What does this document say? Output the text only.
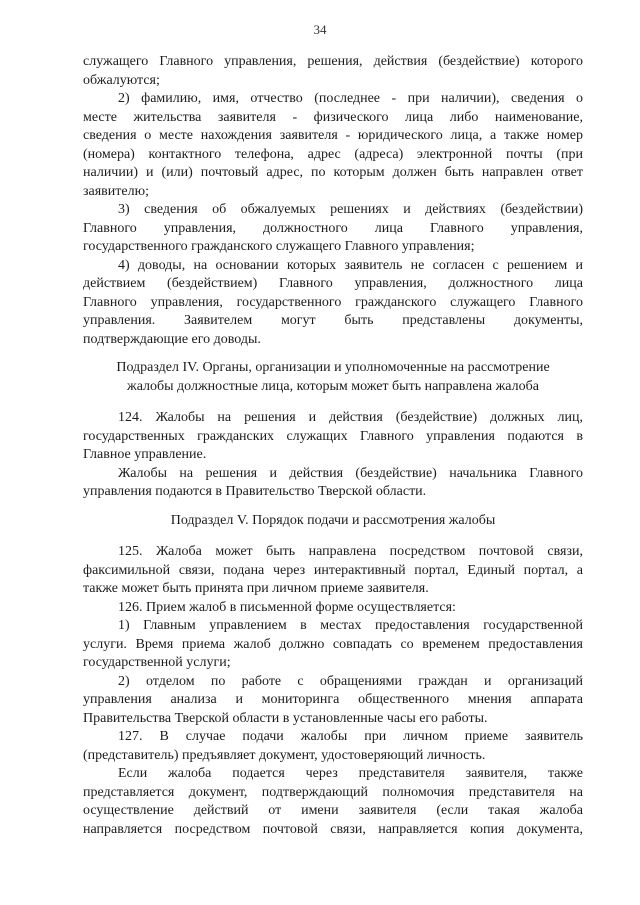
34
служащего Главного управления, решения, действия (бездействие) которого
обжалуются;
2) фамилию, имя, отчество (последнее - при наличии), сведения о
месте жительства заявителя - физического лица либо наименование,
сведения о месте нахождения заявителя - юридического лица, а также номер
(номера) контактного телефона, адрес (адреса) электронной почты (при
наличии) и (или) почтовый адрес, по которым должен быть направлен ответ
заявителю;
3) сведения об обжалуемых решениях и действиях (бездействии)
Главного управления, должностного лица Главного управления,
государственного гражданского служащего Главного управления;
4) доводы, на основании которых заявитель не согласен с решением и
действием (бездействием) Главного управления, должностного лица
Главного управления, государственного гражданского служащего Главного
управления. Заявителем могут быть представлены документы,
подтверждающие его доводы.
Подраздел IV. Органы, организации и уполномоченные на рассмотрение
жалобы должностные лица, которым может быть направлена жалоба
124. Жалобы на решения и действия (бездействие) должных лиц,
государственных гражданских служащих Главного управления подаются в
Главное управление.
Жалобы на решения и действия (бездействие) начальника Главного
управления подаются в Правительство Тверской области.
Подраздел V. Порядок подачи и рассмотрения жалобы
125. Жалоба может быть направлена посредством почтовой связи,
факсимильной связи, подана через интерактивный портал, Единый портал, а
также может быть принята при личном приеме заявителя.
126. Прием жалоб в письменной форме осуществляется:
1) Главным управлением в местах предоставления государственной
услуги. Время приема жалоб должно совпадать со временем предоставления
государственной услуги;
2) отделом по работе с обращениями граждан и организаций
управления анализа и мониторинга общественного мнения аппарата
Правительства Тверской области в установленные часы его работы.
127. В случае подачи жалобы при личном приеме заявитель
(представитель) предъявляет документ, удостоверяющий личность.
Если жалоба подается через представителя заявителя, также
представляется документ, подтверждающий полномочия представителя на
осуществление действий от имени заявителя (если такая жалоба
направляется посредством почтовой связи, направляется копия документа,
